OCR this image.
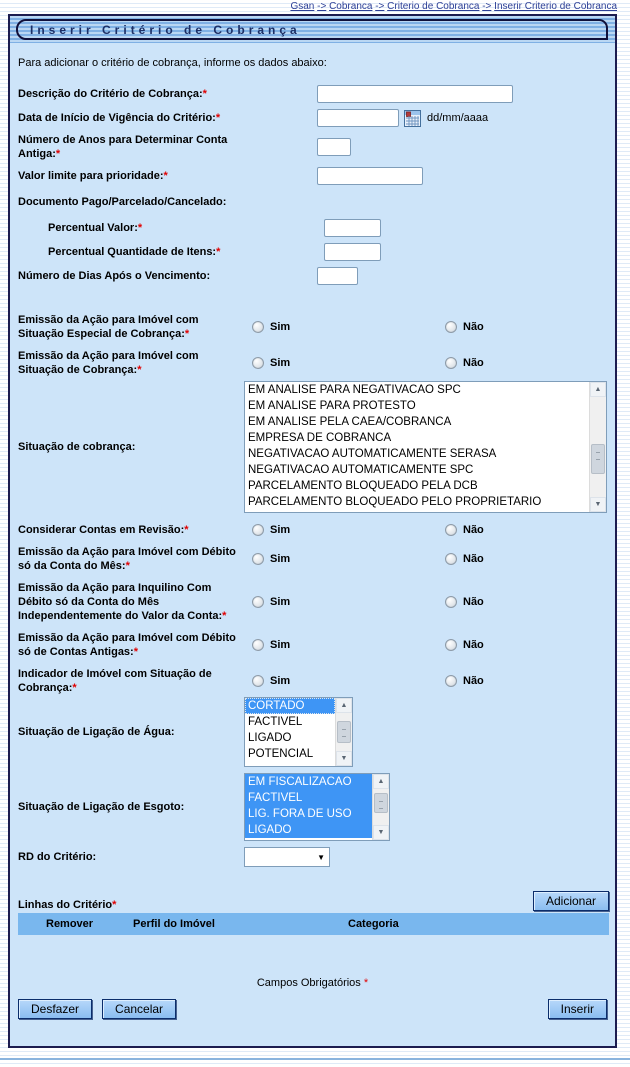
Gsan -> Cobranca -> Criterio de Cobranca -> Inserir Criterio de Cobranca
Inserir Critério de Cobrança
Para adicionar o critério de cobrança, informe os dados abaixo:
Descrição do Critério de Cobrança:*
Data de Início de Vigência do Critério:*	dd/mm/aaaa
Número de Anos para Determinar Conta Antiga:*
Valor limite para prioridade:*
Documento Pago/Parcelado/Cancelado:
Percentual Valor:*
Percentual Quantidade de Itens:*
Número de Dias Após o Vencimento:
Emissão da Ação para Imóvel com Situação Especial de Cobrança:*
Sim	Não
Emissão da Ação para Imóvel com Situação de Cobrança:*
Sim	Não
Situação de cobrança:
EM ANALISE PARA NEGATIVACAO SPC
EM ANALISE PARA PROTESTO
EM ANALISE PELA CAEA/COBRANCA
EMPRESA DE COBRANCA
NEGATIVACAO AUTOMATICAMENTE SERASA
NEGATIVACAO AUTOMATICAMENTE SPC
PARCELAMENTO BLOQUEADO PELA DCB
PARCELAMENTO BLOQUEADO PELO PROPRIETARIO
▲
▼
Considerar Contas em Revisão:*	Sim	Não
Emissão da Ação para Imóvel com Débito só da Conta do Mês:*
Sim	Não
Emissão da Ação para Inquilino Com Débito só da Conta do Mês Independentemente do Valor da Conta:*
Sim	Não
Emissão da Ação para Imóvel com Débito só de Contas Antigas:*
Sim	Não
Indicador de Imóvel com Situação de Cobrança:*
Sim	Não
Situação de Ligação de Água:
CORTADO
FACTIVEL
LIGADO
POTENCIAL
▲
▼
Situação de Ligação de Esgoto:
EM FISCALIZACAO
FACTIVEL
LIG. FORA DE USO
LIGADO
▲
▼
RD do Critério:	▼
Linhas do Critério*	Adicionar
Remover	Perfil do Imóvel	Categoria
Campos Obrigatórios *
Desfazer	Cancelar	Inserir
